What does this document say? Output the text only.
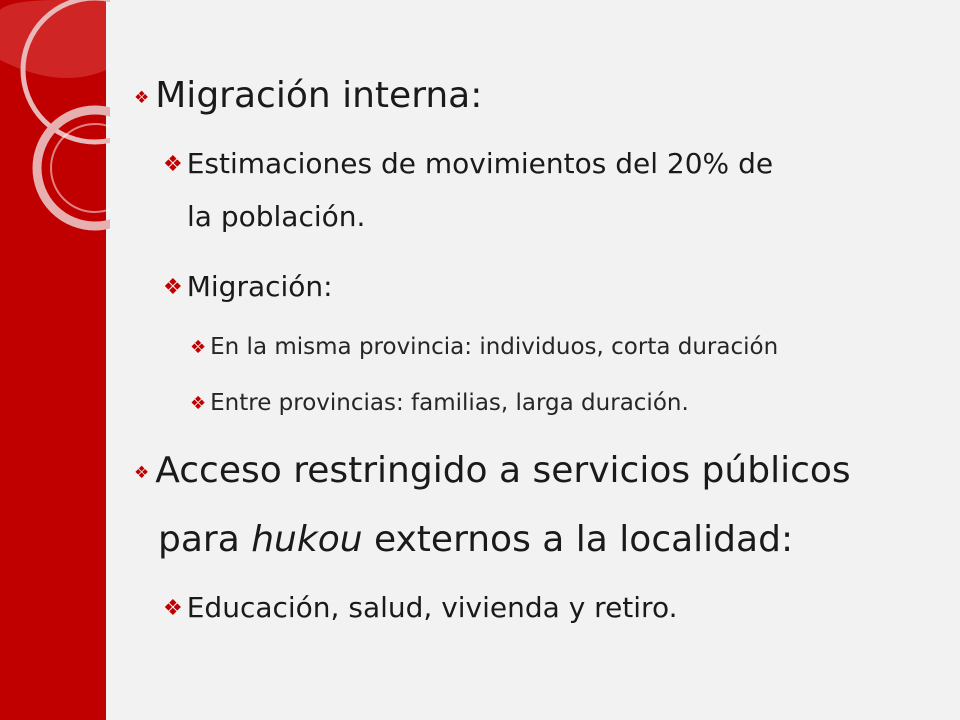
❖ Migración interna:
❖ Estimaciones de movimientos del 20% de
la población.
❖ Migración:
❖ En la misma provincia: individuos, corta duración
❖ Entre provincias: familias, larga duración.
❖ Acceso restringido a servicios públicos
para hukou externos a la localidad:
❖ Educación, salud, vivienda y retiro.
